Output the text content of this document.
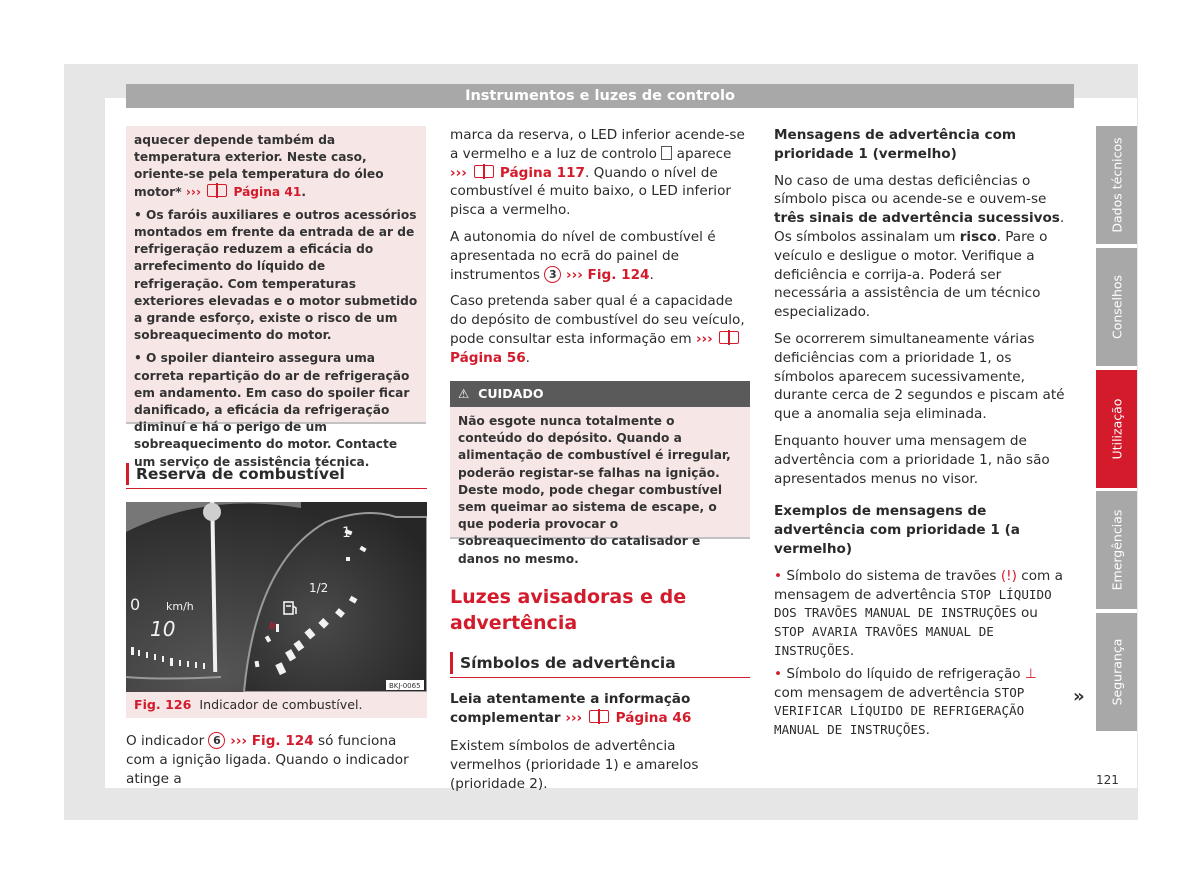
Instrumentos e luzes de controlo

aquecer depende também da temperatura exterior. Neste caso, oriente-se pela temperatura do óleo motor* ›››  Página 41.

• Os faróis auxiliares e outros acessórios montados em frente da entrada de ar de refrigeração reduzem a eficácia do arrefecimento do líquido de refrigeração. Com temperaturas exteriores elevadas e o motor submetido a grande esforço, existe o risco de um sobreaquecimento do motor.

• O spoiler dianteiro assegura uma correta repartição do ar de refrigeração em andamento. Em caso do spoiler ficar danificado, a eficácia da refrigeração diminuí e há o perigo de um sobreaquecimento do motor. Contacte um serviço de assistência técnica.

Reserva de combustível
1
1/2
≡
0 km/h
10
BKJ-0065
Fig. 126 Indicador de combustível.
O indicador 6 ››› Fig. 124 só funciona com a ignição ligada. Quando o indicador atinge a

marca da reserva, o LED inferior acende-se a vermelho e a luz de controlo  aparece ›››  Página 117. Quando o nível de combustível é muito baixo, o LED inferior pisca a vermelho.

A autonomia do nível de combustível é apresentada no ecrã do painel de instrumentos 3 ››› Fig. 124.

Caso pretenda saber qual é a capacidade do depósito de combustível do seu veículo, pode consultar esta informação em ›››  Página 56.

⚠ CUIDADO
Não esgote nunca totalmente o conteúdo do depósito. Quando a alimentação de combustível é irregular, poderão registar-se falhas na ignição. Deste modo, pode chegar combustível sem queimar ao sistema de escape, o que poderia provocar o sobreaquecimento do catalisador e danos no mesmo.
Luzes avisadoras e de advertência
Símbolos de advertência
Leia atentamente a informação complementar ›››  Página 46
Existem símbolos de advertência vermelhos (prioridade 1) e amarelos (prioridade 2).

Mensagens de advertência com prioridade 1 (vermelho)

No caso de uma destas deficiências o símbolo pisca ou acende-se e ouvem-se três sinais de advertência sucessivos. Os símbolos assinalam um risco. Pare o veículo e desligue o motor. Verifique a deficiência e corrija-a. Poderá ser necessária a assistência de um técnico especializado.

Se ocorrerem simultaneamente várias deficiências com a prioridade 1, os símbolos aparecem sucessivamente, durante cerca de 2 segundos e piscam até que a anomalia seja eliminada.

Enquanto houver uma mensagem de advertência com a prioridade 1, não são apresentados menus no visor.

Exemplos de mensagens de advertência com prioridade 1 (a vermelho)

• Símbolo do sistema de travões (!) com a mensagem de advertência STOP LÍQUIDO DOS TRAVÕES MANUAL DE INSTRUÇÕES ou STOP AVARIA TRAVÕES MANUAL DE INSTRUÇÕES.

• Símbolo do líquido de refrigeração ⊥ com mensagem de advertência STOP VERIFICAR LÍQUIDO DE REFRIGERAÇÃO MANUAL DE INSTRUÇÕES.

»
Dados técnicos
Conselhos
Utilização
Emergências
Segurança
121
